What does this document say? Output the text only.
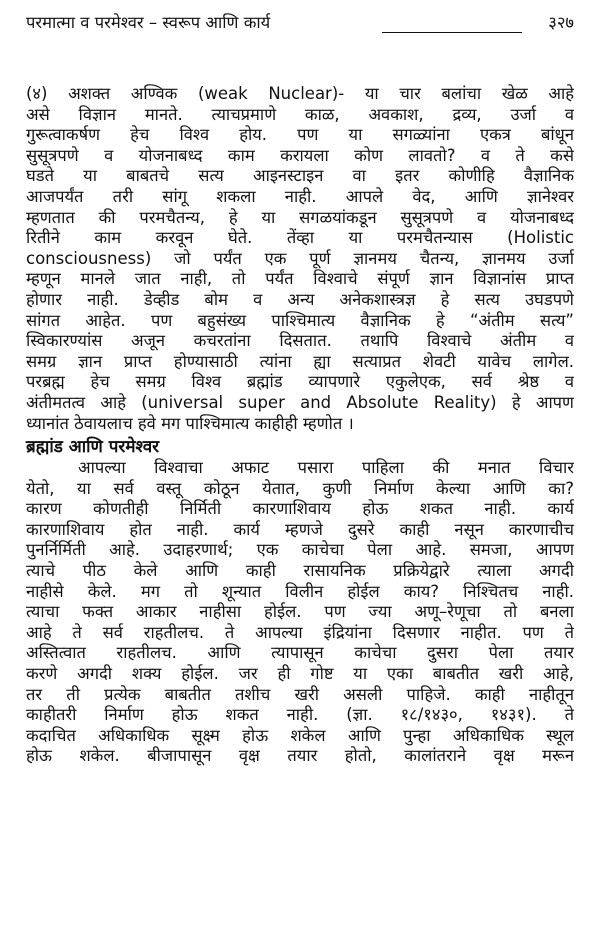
परमात्मा व परमेश्वर – स्वरूप आणि कार्य	३२७
(४) अशक्त अण्विक (weak Nuclear)- या चार बलांचा खेळ आहे
असे विज्ञान मानते. त्याचप्रमाणे काळ, अवकाश, द्रव्य, उर्जा व
गुरूत्वाकर्षण हेच विश्व होय. पण या सगळ्यांना एकत्र बांधून
सुसूत्रपणे व योजनाबध्द काम करायला कोण लावतो? व ते कसे
घडते या बाबतचे सत्य आइनस्टाइन वा इतर कोणीहि वैज्ञानिक
आजपर्यंत तरी सांगू शकला नाही. आपले वेद, आणि ज्ञानेश्वर
म्हणतात की परमचैतन्य, हे या सगळयांकडून सुसूत्रपणे व योजनाबध्द
रितीने काम करवून घेते. तेंव्हा या परमचैतन्यास (Holistic
consciousness) जो पर्यंत एक पूर्ण ज्ञानमय चैतन्य, ज्ञानमय उर्जा
म्हणून मानले जात नाही, तो पर्यंत विश्वाचे संपूर्ण ज्ञान विज्ञानांस प्राप्त
होणार नाही. डेव्हीड बोम व अन्य अनेकशास्त्रज्ञ हे सत्य उघडपणे
सांगत आहेत. पण बहुसंख्य पाश्चिमात्य वैज्ञानिक हे “अंतीम सत्य”
स्विकारण्यांस अजून कचरतांना दिसतात. तथापि विश्वाचे अंतीम व
समग्र ज्ञान प्राप्त होण्यासाठी त्यांना ह्या सत्याप्रत शेवटी यावेच लागेल.
परब्रह्म हेच समग्र विश्व ब्रह्मांड व्यापणारे एकुलेएक, सर्व श्रेष्ठ व
अंतीमतत्व आहे (universal super and Absolute Reality) हे आपण
ध्यानांत ठेवायलाच हवे मग पाश्चिमात्य काहीही म्हणोत ।
ब्रह्मांड आणि परमेश्वर
आपल्या विश्वाचा अफाट पसारा पाहिला की मनात विचार
येतो, या सर्व वस्तू कोठून येतात, कुणी निर्माण केल्या आणि का?
कारण कोणतीही निर्मिती कारणाशिवाय होऊ शकत नाही. कार्य
कारणाशिवाय होत नाही. कार्य म्हणजे दुसरे काही नसून कारणाचीच
पुनर्निर्मिती आहे. उदाहरणार्थ; एक काचेचा पेला आहे. समजा, आपण
त्याचे पीठ केले आणि काही रासायनिक प्रक्रियेद्वारे त्याला अगदी
नाहीसे केले. मग तो शून्यात विलीन होईल काय? निश्चितच नाही.
त्याचा फक्त आकार नाहीसा होईल. पण ज्या अणू–रेणूचा तो बनला
आहे ते सर्व राहतीलच. ते आपल्या इंद्रियांना दिसणार नाहीत. पण ते
अस्तित्वात राहतीलच. आणि त्यापासून काचेचा दुसरा पेला तयार
करणे अगदी शक्य होईल. जर ही गोष्ट या एका बाबतीत खरी आहे,
तर ती प्रत्येक बाबतीत तशीच खरी असली पाहिजे. काही नाहीतून
काहीतरी निर्माण होऊ शकत नाही. (ज्ञा. १८/१४३०, १४३१). ते
कदाचित अधिकाधिक सूक्ष्म होऊ शकेल आणि पुन्हा अधिकाधिक स्थूल
होऊ शकेल. बीजापासून वृक्ष तयार होतो, कालांतराने वृक्ष मरून
